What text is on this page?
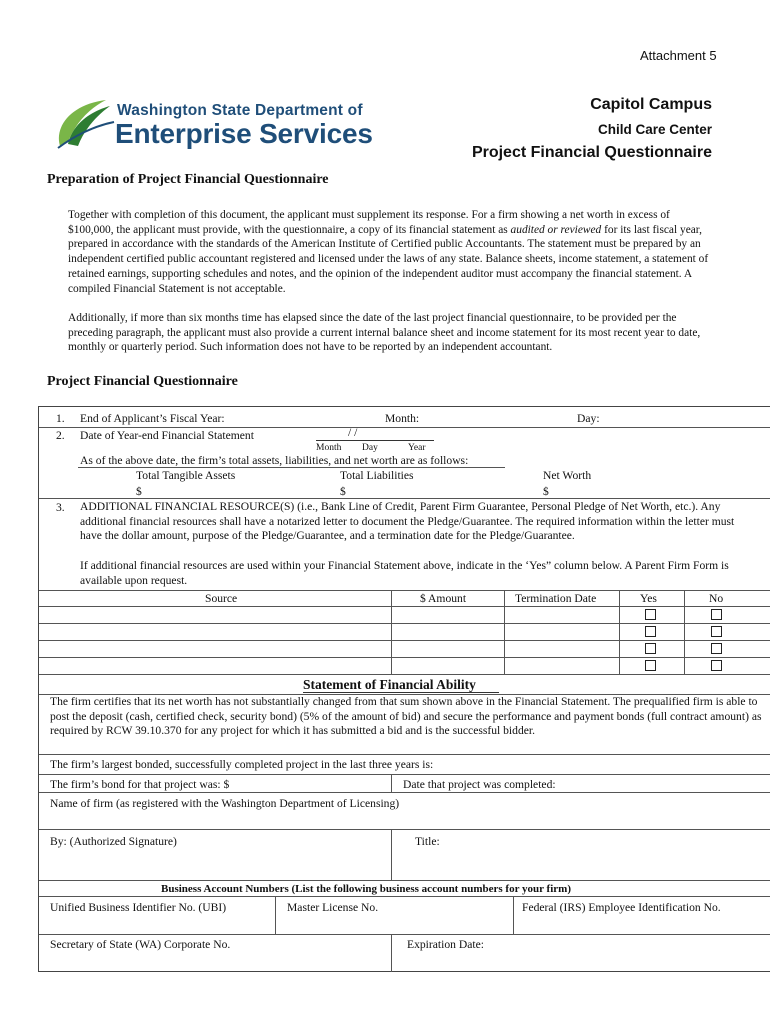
Attachment 5
Washington State Department of
Enterprise Services
Capitol Campus
Child Care Center
Project Financial Questionnaire
Preparation of Project Financial Questionnaire
Together with completion of this document, the applicant must supplement its response. For a firm showing a net worth in excess of $100,000, the applicant must provide, with the questionnaire, a copy of its financial statement as audited or reviewed for its last fiscal year, prepared in accordance with the standards of the American Institute of Certified public Accountants. The statement must be prepared by an independent certified public accountant registered and licensed under the laws of any state. Balance sheets, income statement, a statement of retained earnings, supporting schedules and notes, and the opinion of the independent auditor must accompany the financial statement. A compiled Financial Statement is not acceptable.
Additionally, if more than six months time has elapsed since the date of the last project financial questionnaire, to be provided per the preceding paragraph, the applicant must also provide a current internal balance sheet and income statement for its most recent year to date, monthly or quarterly period. Such information does not have to be reported by an independent accountant.
Project Financial Questionnaire
1. End of Applicant’s Fiscal Year:	Month:	Day:
2. Date of Year-end Financial Statement	/ /
Month Day	Year
As of the above date, the firm’s total assets, liabilities, and net worth are as follows:
Total Tangible Assets	Total Liabilities	Net Worth
$	$	$
3. ADDITIONAL FINANCIAL RESOURCE(S) (i.e., Bank Line of Credit, Parent Firm Guarantee, Personal Pledge of Net Worth, etc.). Any additional financial resources shall have a notarized letter to document the Pledge/Guarantee. The required information within the letter must have the dollar amount, purpose of the Pledge/Guarantee, and a termination date for the Pledge/Guarantee.
If additional financial resources are used within your Financial Statement above, indicate in the ‘Yes” column below. A Parent Firm Form is available upon request.
Source	$ Amount	Termination Date	Yes	No
Statement of Financial Ability
The firm certifies that its net worth has not substantially changed from that sum shown above in the Financial Statement. The prequalified firm is able to post the deposit (cash, certified check, security bond) (5% of the amount of bid) and secure the performance and payment bonds (full contract amount) as required by RCW 39.10.370 for any project for which it has submitted a bid and is the successful bidder.
The firm’s largest bonded, successfully completed project in the last three years is:
The firm’s bond for that project was: $	Date that project was completed:
Name of firm (as registered with the Washington Department of Licensing)
By: (Authorized Signature)	Title:
Business Account Numbers (List the following business account numbers for your firm)
Unified Business Identifier No. (UBI)	Master License No.	Federal (IRS) Employee Identification No.
Secretary of State (WA) Corporate No.	Expiration Date:
